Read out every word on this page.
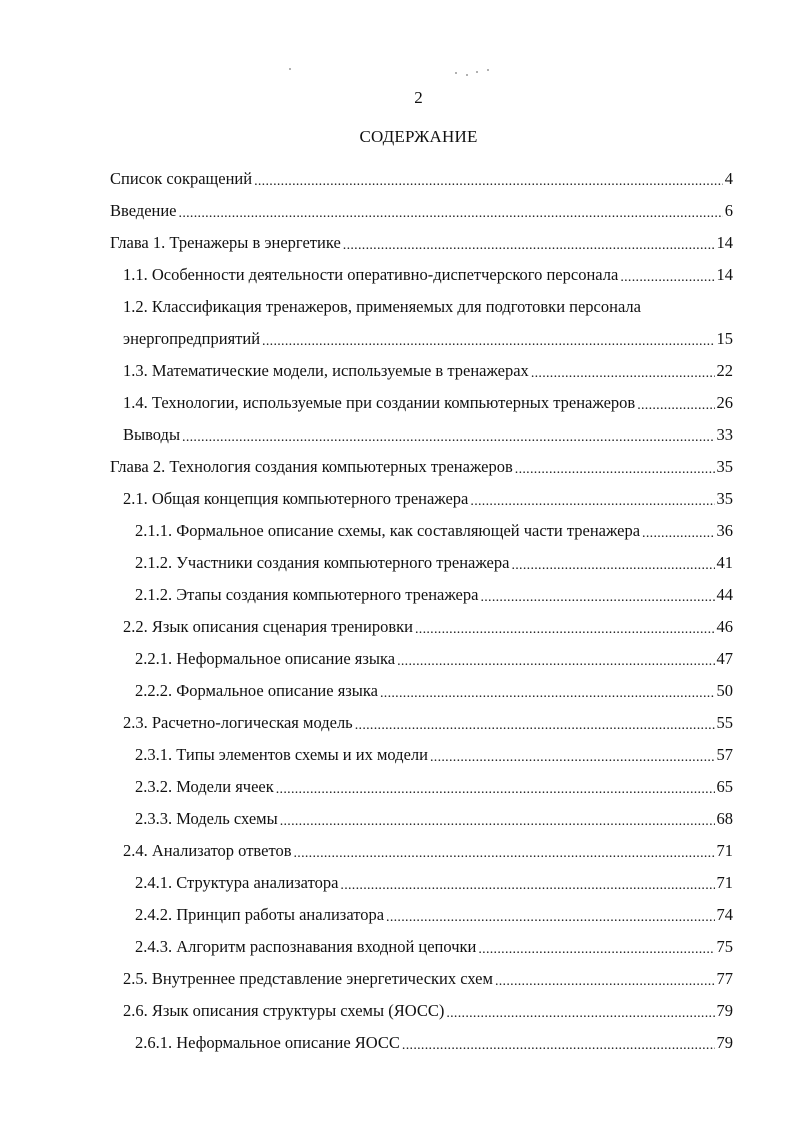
2
СОДЕРЖАНИЕ
Список сокращений .....	4
Введение .....	6
Глава 1. Тренажеры в энергетике .....	14
1.1. Особенности деятельности оперативно-диспетчерского персонала .....	14
1.2. Классификация тренажеров, применяемых для подготовки персонала
энергопредприятий .....	15
1.3. Математические модели, используемые в тренажерах .....	22
1.4. Технологии, используемые при создании компьютерных тренажеров .....	26
Выводы .....	33
Глава 2. Технология создания компьютерных тренажеров .....	35
2.1. Общая концепция компьютерного тренажера .....	35
2.1.1. Формальное описание схемы, как составляющей части тренажера .....	36
2.1.2. Участники создания компьютерного тренажера .....	41
2.1.2. Этапы создания компьютерного тренажера .....	44
2.2. Язык описания сценария тренировки .....	46
2.2.1. Неформальное описание языка .....	47
2.2.2. Формальное описание языка .....	50
2.3. Расчетно-логическая модель .....	55
2.3.1. Типы элементов схемы и их модели .....	57
2.3.2. Модели ячеек .....	65
2.3.3. Модель схемы .....	68
2.4. Анализатор ответов .....	71
2.4.1. Структура анализатора .....	71
2.4.2. Принцип работы анализатора .....	74
2.4.3. Алгоритм распознавания входной цепочки .....	75
2.5. Внутреннее представление энергетических схем .....	77
2.6. Язык описания структуры схемы (ЯОСС) .....	79
2.6.1. Неформальное описание ЯОСС .....	79
